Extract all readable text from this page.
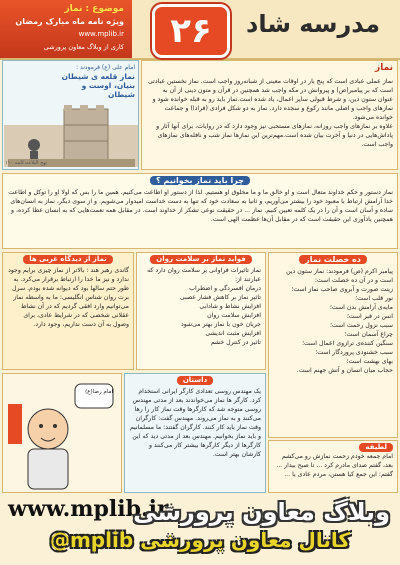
موضوع : نماز
ویژه نامه ماه مبارک رمضان
www.mplib.ir
کاری از وبلاگ معاون پرورشی	۲۶	مدرسه شاد
امام علی (ع) فرمودند :
نماز قلعه ی شیطان
بنیان، اوست و
شیطان
نهج البلاغه،کلمه ۱۱۰
نماز
نماز عملی عبادی است که پنج بار در اوقات معینی از شبانه‌روز واجب است. نماز نخستین عبادتی است که بر پیامبر(ص) و پیروانش در مکه واجب شد همچنین در قرآن و متون دینی از آن به عنوان ستون دین، و شرط قبولی سایر اعمال، یاد شده است.نماز باید رو به قبله خوانده شود و نمازهای واجب و اصلی مانند رکوع و سجده دارد. نماز به دو شکل فرادی (فرادا) و جماعت خوانده می‌شود.
علاوه بر نمازهای واجب روزانه، نمازهای مستحبی نیز وجود دارد که در روایات، برای آنها آثار و پاداش‌هایی در دنیا و آخرت بیان شده است.مهم‌ترین این نمازها نماز شب و نافله‌های نمازهای واجب است.
چرا باید نماز بخوانیم ؟
نماز دستور و حکم خداوند متعال است و او خالق ما و ما مخلوق او هستیم. لذا از دستور او اطاعت می‌کنیم. همین ما را بس که اولا او را توکل و اطاعت خدا آرامش ارتباط با معبود خود را بیشتر می‌آوریم، و ثانیا به سعادت خود که تنها به دست خداست امیدوار می‌شویم. و از سوی دیگر، نماز به انسان‌های ساده و آسان است و آن را در یک کلمه تعیین کنیم. نماز ... در حقیقت نوعی تشکر از خداوند است. در مقابل همه نعمت‌هایی که به انسان عطا کرده، و همچنین یادآوری این حقیقت است که در مقابل آن‌ها عظمت الهی است.
ده خصلت نماز
پیامبر اکرم (ص) فرمودند: نماز ستون دین است و در آن ده خصلت است:
زینت صورت و آبروی صاحب نماز است؛
نور قلب است؛
مایه‌ی آرامش بدن است؛
انس در قبر است؛
سبب نزول رحمت است؛
چراغ آسمان است؛
سنگین کننده‌ی ترازوی اعمال است؛
سبب خشنودی پروردگار است؛
بهای بهشت است؛
حجاب میان انسان و آتش جهنم است.
فواید نماز بر سلامت روان
نماز تاثیرات فراوانی بر سلامت روان دارد که عبارتند از:
درمان افسردگی و اضطراب
تاثیر نماز بر کاهش فشار عصبی
افزایش نشاط و شادابی
افزایش سلامت روان
جریان خون با نماز بهتر می‌شود
افزایش مثبت اندیشی
تاثیر در کنترل خشم
نماز از دیدگاه غربی ها
گاندی رهبر هند : بالاتر از نماز چیزی برایم وجود ندارد و نیز ما خدا را ارتباط برقرار می‌کرد. به طور حتم سالها بود که دیوانه شده بودم. سرل برت روان شناس انگلیسی: ما به واسطه نماز می‌توانیم وارد افقی گردیم که در آن نشاط عقلانی شخصی که در شرایط عادی، برای وصول به آن دست نداریم، وجود دارد.
امام رضا(ع)
داستان
یک مهندس روسی تعدادی کارگر ایرانی استخدام کرد. کارگر ها نماز می‌خواندند بعد از مدتی مهندس روسی متوجه شد که کارگرها وقت نماز کار را رها می‌کنند و به نماز می‌روند. مهندس گفت: کارگران وقت نماز باید کار کنند. کارگران گفتند: ما مسلمانیم و باید نماز بخوانیم. مهندس بعد از مدتی دید که این کارگرها از دیگر کارگرها بیشتر کار می‌کنند و کارشان بهتر است.
لطیفه
امام جمعه خودم زحمت نمازش رو می‌کشم بعد، گفتم صدای مادرم کرد ... تا صبح بیدار ... گفتم: این جمع کیا هستن، مردم عادی یا ...
www.mplib.ir
وبلاگ معاون پرورشی
کانال معاون پرورشی mplib@
